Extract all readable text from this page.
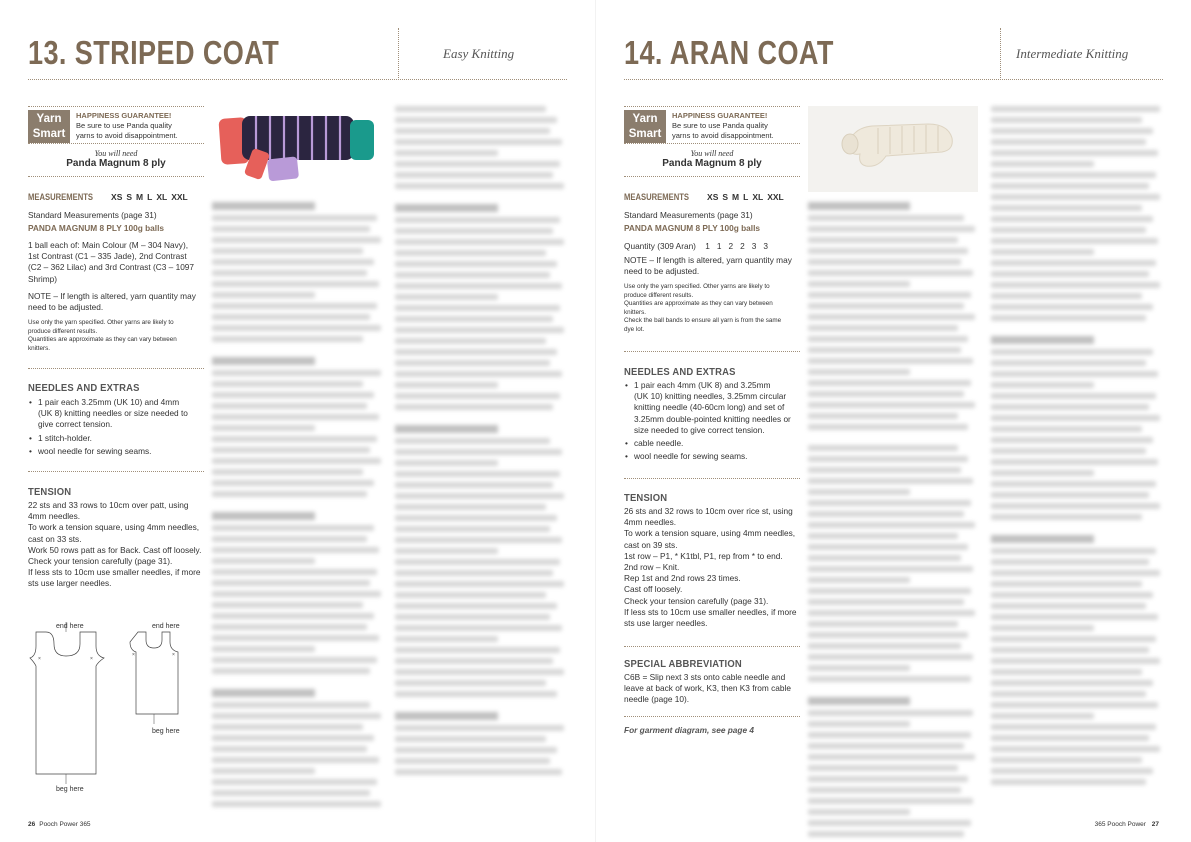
13. STRIPED COAT	Easy Knitting
Yarn
Smart
HAPPINESS GUARANTEE!
Be sure to use Panda quality
yarns to avoid disappointment.
You will need
Panda Magnum 8 ply
MEASUREMENTS XS S M L XL XXL
Standard Measurements (page 31)
PANDA MAGNUM 8 PLY 100g balls
1 ball each of: Main Colour (M – 304 Navy),
1st Contrast (C1 – 335 Jade), 2nd Contrast
(C2 – 362 Lilac) and 3rd Contrast (C3 – 1097
Shrimp)
NOTE – If length is altered, yarn quantity may
need to be adjusted.
Use only the yarn specified. Other yarns are likely to
produce different results.
Quantities are approximate as they can vary between
knitters.
NEEDLES AND EXTRAS
• 1 pair each 3.25mm (UK 10) and 4mm
(UK 8) knitting needles or size needed to
give correct tension.
• 1 stitch-holder.
• wool needle for sewing seams.
TENSION
22 sts and 33 rows to 10cm over patt, using
4mm needles.
To work a tension square, using 4mm needles,
cast on 33 sts.
Work 50 rows patt as for Back. Cast off loosely.
Check your tension carefully (page 31).
If less sts to 10cm use smaller needles, if more
sts use larger needles.
×	×
×	×
end here	end here
beg here
beg here
26 Pooch Power 365
14. ARAN COAT	Intermediate Knitting
Yarn
Smart
HAPPINESS GUARANTEE!
Be sure to use Panda quality
yarns to avoid disappointment.
You will need
Panda Magnum 8 ply
MEASUREMENTS XS S M L XL XXL
Standard Measurements (page 31)
PANDA MAGNUM 8 PLY 100g balls
Quantity (309 Aran) 1 1 2 2 3 3
NOTE – If length is altered, yarn quantity may
need to be adjusted.
Use only the yarn specified. Other yarns are likely to
produce different results.
Quantities are approximate as they can vary between
knitters.
Check the ball bands to ensure all yarn is from the same
dye lot.
NEEDLES AND EXTRAS
• 1 pair each 4mm (UK 8) and 3.25mm
(UK 10) knitting needles, 3.25mm circular
knitting needle (40-60cm long) and set of
3.25mm double-pointed knitting needles or
size needed to give correct tension.
• cable needle.
• wool needle for sewing seams.
TENSION
26 sts and 32 rows to 10cm over rice st, using
4mm needles.
To work a tension square, using 4mm needles,
cast on 39 sts.
1st row – P1, * K1tbl, P1, rep from * to end.
2nd row – Knit.
Rep 1st and 2nd rows 23 times.
Cast off loosely.
Check your tension carefully (page 31).
If less sts to 10cm use smaller needles, if more
sts use larger needles.
SPECIAL ABBREVIATION
C6B = Slip next 3 sts onto cable needle and
leave at back of work, K3, then K3 from cable
needle (page 10).
For garment diagram, see page 4
365 Pooch Power 27
